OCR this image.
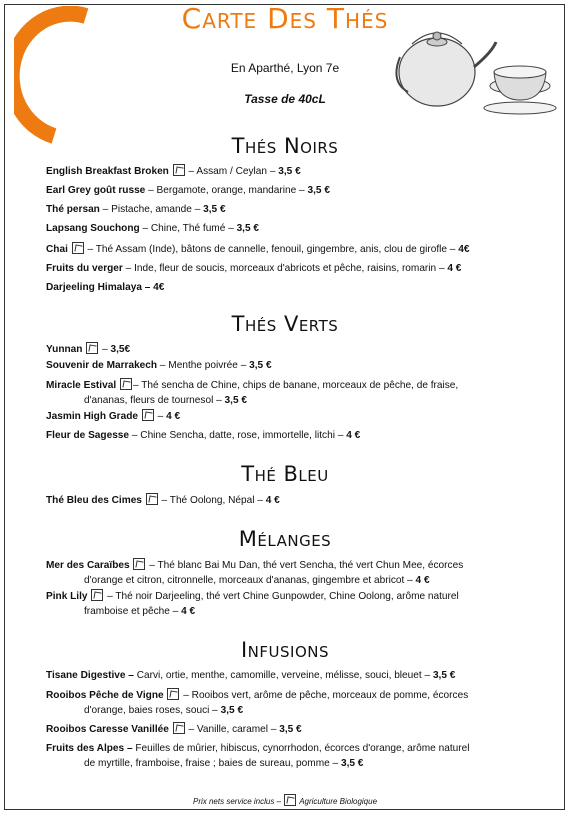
Carte Des Thés
En Aparthé, Lyon 7e
Tasse de 40cL
Thés Noirs
English Breakfast Broken – Assam / Ceylan – 3,5 €
Earl Grey goût russe – Bergamote, orange, mandarine – 3,5 €
Thé persan – Pistache, amande – 3,5 €
Lapsang Souchong – Chine, Thé fumé – 3,5 €
Chai – Thé Assam (Inde), bâtons de cannelle, fenouil, gingembre, anis, clou de girofle – 4€
Fruits du verger – Inde, fleur de soucis, morceaux d'abricots et pêche, raisins, romarin – 4 €
Darjeeling Himalaya – 4€
Thés Verts
Yunnan – 3,5€
Souvenir de Marrakech – Menthe poivrée – 3,5 €
Miracle Estival – Thé sencha de Chine, chips de banane, morceaux de pêche, de fraise,
d'ananas, fleurs de tournesol – 3,5 €
Jasmin High Grade – 4 €
Fleur de Sagesse – Chine Sencha, datte, rose, immortelle, litchi – 4 €
Thé Bleu
Thé Bleu des Cimes – Thé Oolong, Népal – 4 €
Mélanges
Mer des Caraïbes – Thé blanc Bai Mu Dan, thé vert Sencha, thé vert Chun Mee, écorces
d'orange et citron, citronnelle, morceaux d'ananas, gingembre et abricot – 4 €
Pink Lily – Thé noir Darjeeling, thé vert Chine Gunpowder, Chine Oolong, arôme naturel
framboise et pêche – 4 €
Infusions
Tisane Digestive – Carvi, ortie, menthe, camomille, verveine, mélisse, souci, bleuet – 3,5 €
Rooibos Pêche de Vigne – Rooibos vert, arôme de pêche, morceaux de pomme, écorces
d'orange, baies roses, souci – 3,5 €
Rooibos Caresse Vanillée – Vanille, caramel – 3,5 €
Fruits des Alpes – Feuilles de mûrier, hibiscus, cynorrhodon, écorces d'orange, arôme naturel
de myrtille, framboise, fraise ; baies de sureau, pomme – 3,5 €
Prix nets service inclus – Agriculture Biologique
